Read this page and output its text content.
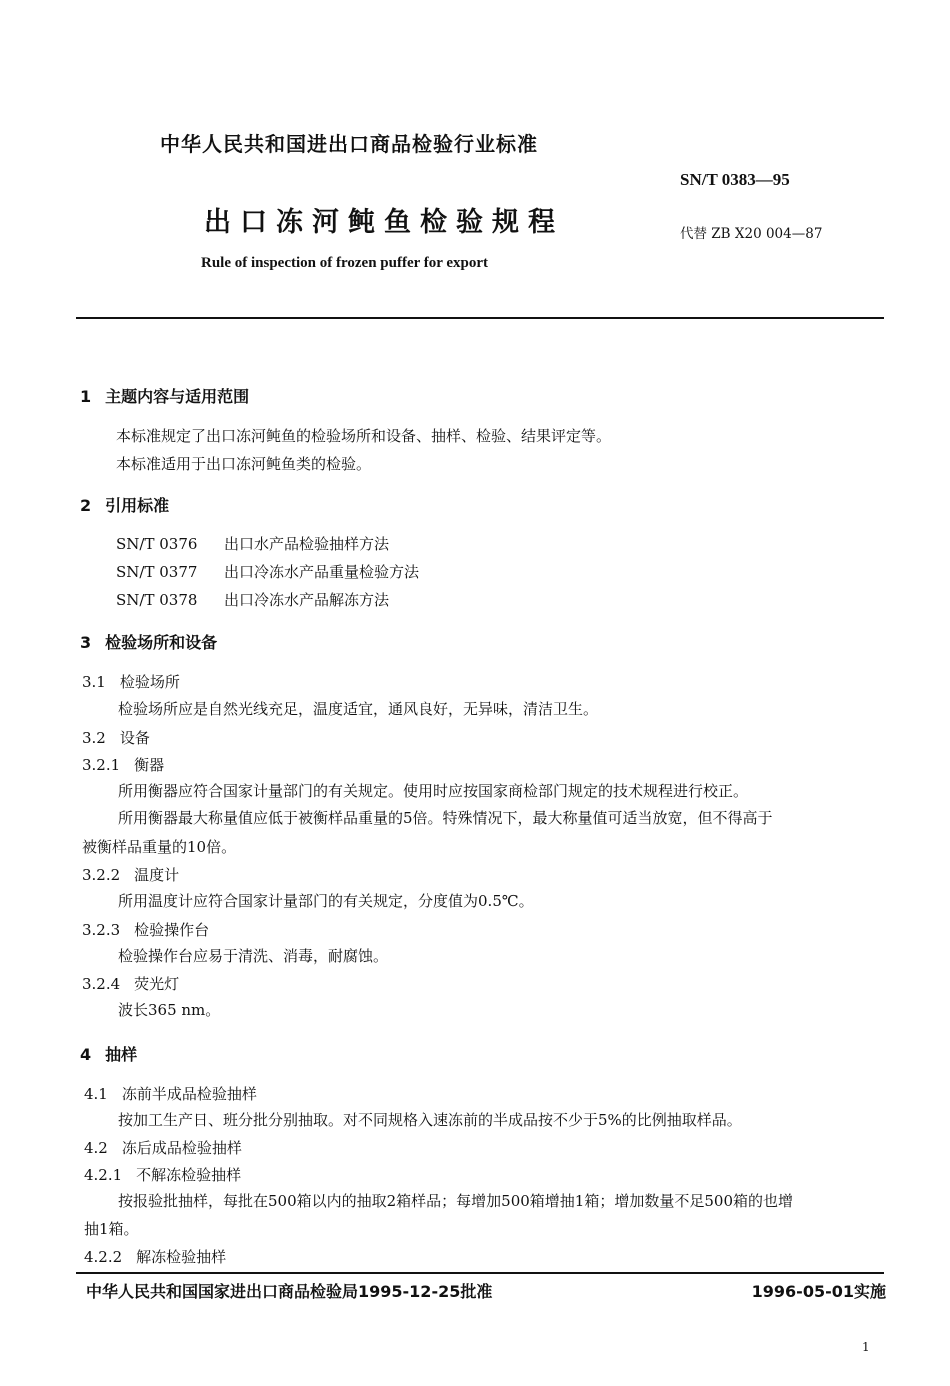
中华人民共和国进出口商品检验行业标准
SN/T 0383—95
出口冻河鲀鱼检验规程	代替 ZB X20 004—87
Rule of inspection of frozen puffer for export
1 主题内容与适用范围
本标准规定了出口冻河鲀鱼的检验场所和设备、抽样、检验、结果评定等。
本标准适用于出口冻河鲀鱼类的检验。
2 引用标准
SN/T 0376 出口水产品检验抽样方法
SN/T 0377 出口冷冻水产品重量检验方法
SN/T 0378 出口冷冻水产品解冻方法
3 检验场所和设备
3.1 检验场所
检验场所应是自然光线充足，温度适宜，通风良好，无异味，清洁卫生。
3.2 设备
3.2.1 衡器
所用衡器应符合国家计量部门的有关规定。使用时应按国家商检部门规定的技术规程进行校正。
所用衡器最大称量值应低于被衡样品重量的5倍。特殊情况下，最大称量值可适当放宽，但不得高于
被衡样品重量的10倍。
3.2.2 温度计
所用温度计应符合国家计量部门的有关规定，分度值为0.5℃。
3.2.3 检验操作台
检验操作台应易于清洗、消毒，耐腐蚀。
3.2.4 荧光灯
波长365 nm。
4 抽样
4.1 冻前半成品检验抽样
按加工生产日、班分批分别抽取。对不同规格入速冻前的半成品按不少于5%的比例抽取样品。
4.2 冻后成品检验抽样
4.2.1 不解冻检验抽样
按报验批抽样，每批在500箱以内的抽取2箱样品；每增加500箱增抽1箱；增加数量不足500箱的也增
抽1箱。
4.2.2 解冻检验抽样
中华人民共和国国家进出口商品检验局1995-12-25批准	1996-05-01实施
1
